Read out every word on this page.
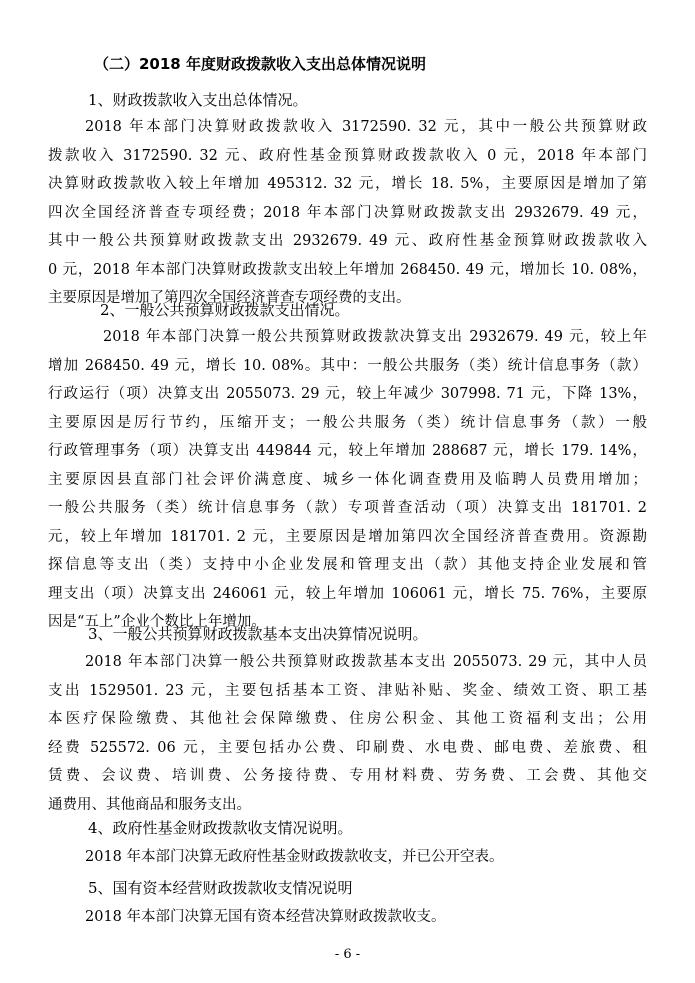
（二）2018 年度财政拨款收入支出总体情况说明
1、财政拨款收入支出总体情况。
2018 年本部门决算财政拨款收入 3172590. 32 元，其中一般公共预算财政
拨款收入 3172590. 32 元、政府性基金预算财政拨款收入 0 元，2018 年本部门
决算财政拨款收入较上年增加 495312. 32 元，增长 18. 5%，主要原因是增加了第
四次全国经济普查专项经费；2018 年本部门决算财政拨款支出 2932679. 49 元，
其中一般公共预算财政拨款支出 2932679. 49 元、政府性基金预算财政拨款收入
0 元，2018 年本部门决算财政拨款支出较上年增加 268450. 49 元，增加长 10. 08%，
主要原因是增加了第四次全国经济普查专项经费的支出。
2、一般公共预算财政拨款支出情况。
2018 年本部门决算一般公共预算财政拨款决算支出 2932679. 49 元，较上年
增加 268450. 49 元，增长 10. 08%。其中：一般公共服务（类）统计信息事务（款）
行政运行（项）决算支出 2055073. 29 元，较上年减少 307998. 71 元，下降 13%，
主要原因是厉行节约，压缩开支；一般公共服务（类）统计信息事务（款）一般
行政管理事务（项）决算支出 449844 元，较上年增加 288687 元，增长 179. 14%，
主要原因县直部门社会评价满意度、城乡一体化调查费用及临聘人员费用增加；
一般公共服务（类）统计信息事务（款）专项普查活动（项）决算支出 181701. 2
元，较上年增加 181701. 2 元，主要原因是增加第四次全国经济普查费用。资源勘
探信息等支出（类）支持中小企业发展和管理支出（款）其他支持企业发展和管
理支出（项）决算支出 246061 元，较上年增加 106061 元，增长 75. 76%，主要原
因是“五上”企业个数比上年增加。
3、一般公共预算财政拨款基本支出决算情况说明。
2018 年本部门决算一般公共预算财政拨款基本支出 2055073. 29 元，其中人员
支出 1529501. 23 元，主要包括基本工资、津贴补贴、奖金、绩效工资、职工基
本医疗保险缴费、其他社会保障缴费、住房公积金、其他工资福利支出；公用
经费 525572. 06 元，主要包括办公费、印刷费、水电费、邮电费、差旅费、租
赁费、会议费、培训费、公务接待费、专用材料费、劳务费、工会费、其他交
通费用、其他商品和服务支出。
4、政府性基金财政拨款收支情况说明。
2018 年本部门决算无政府性基金财政拨款收支，并已公开空表。
5、国有资本经营财政拨款收支情况说明
2018 年本部门决算无国有资本经营决算财政拨款收支。
- 6 -
